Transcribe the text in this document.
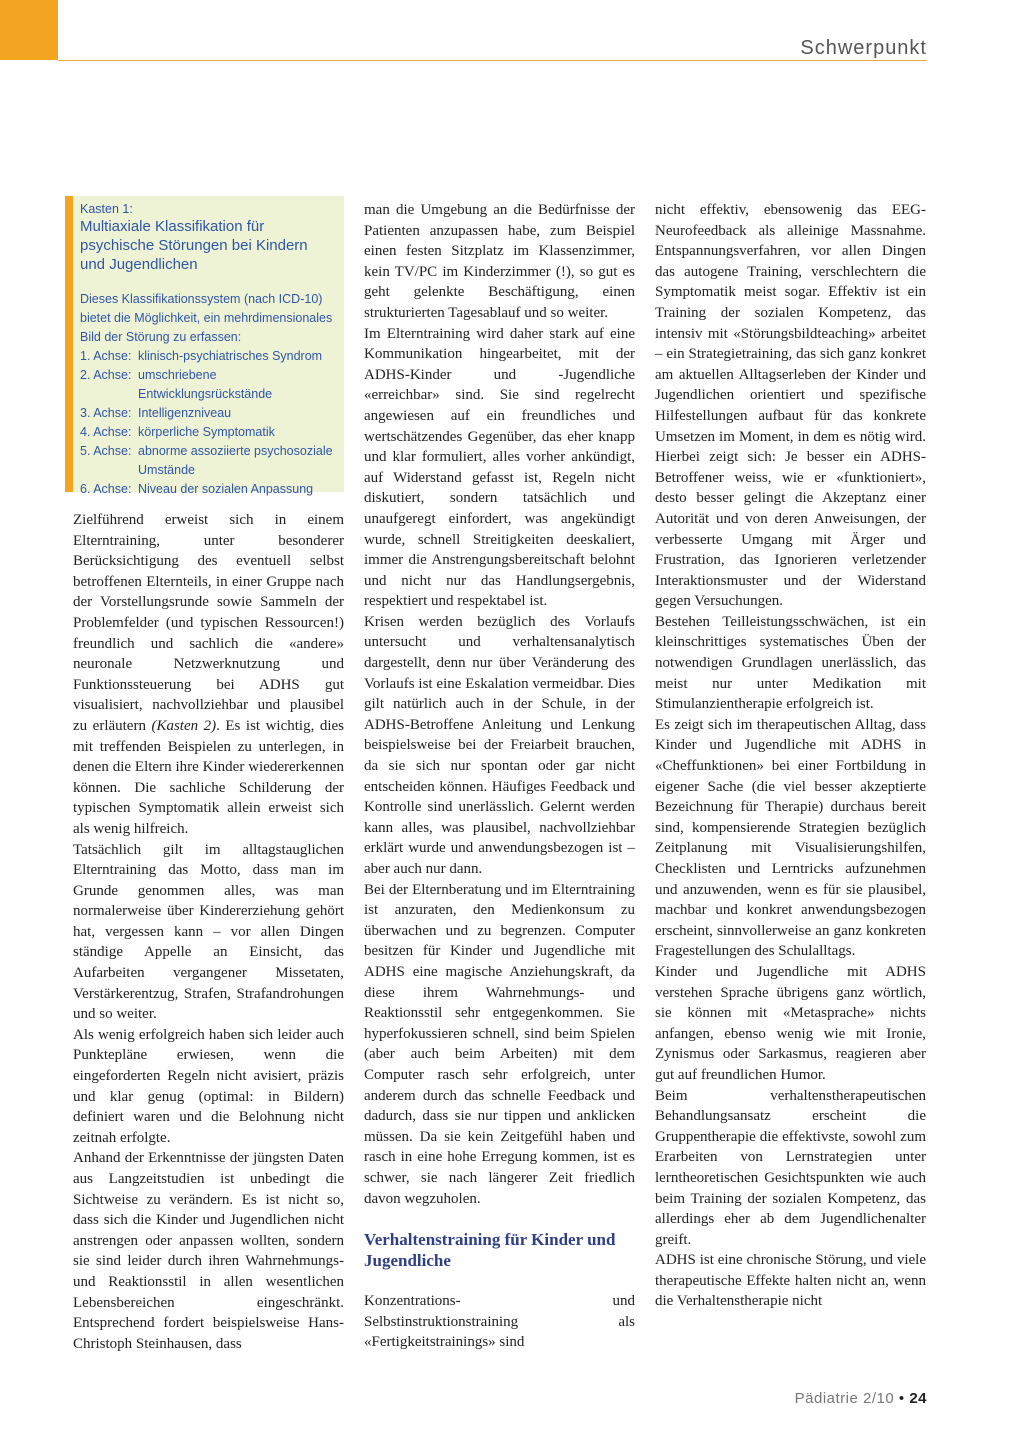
Schwerpunkt
Kasten 1:
Multiaxiale Klassifikation für psychische Störungen bei Kindern und Jugendlichen
Dieses Klassifikationssystem (nach ICD-10) bietet die Möglichkeit, ein mehrdimensionales Bild der Störung zu erfassen:
1. Achse: klinisch-psychiatrisches Syndrom
2. Achse: umschriebene Entwicklungsrückstände
3. Achse: Intelligenzniveau
4. Achse: körperliche Symptomatik
5. Achse: abnorme assoziierte psychosoziale Umstände
6. Achse: Niveau der sozialen Anpassung

Zielführend erweist sich in einem Elterntraining, unter besonderer Berücksichtigung des eventuell selbst betroffenen Elternteils, in einer Gruppe nach der Vorstellungsrunde sowie Sammeln der Problemfelder (und typischen Ressourcen!) freundlich und sachlich die «andere» neuronale Netzwerknutzung und Funktionssteuerung bei ADHS gut visualisiert, nachvollziehbar und plausibel zu erläutern (Kasten 2). Es ist wichtig, dies mit treffenden Beispielen zu unterlegen, in denen die Eltern ihre Kinder wiedererkennen können. Die sachliche Schilderung der typischen Symptomatik allein erweist sich als wenig hilfreich.

Tatsächlich gilt im alltagstauglichen Elterntraining das Motto, dass man im Grunde genommen alles, was man normalerweise über Kindererziehung gehört hat, vergessen kann – vor allen Dingen ständige Appelle an Einsicht, das Aufarbeiten vergangener Missetaten, Verstärkerentzug, Strafen, Strafandrohungen und so weiter.

Als wenig erfolgreich haben sich leider auch Punktepläne erwiesen, wenn die eingeforderten Regeln nicht avisiert, präzis und klar genug (optimal: in Bildern) definiert waren und die Belohnung nicht zeitnah erfolgte.

Anhand der Erkenntnisse der jüngsten Daten aus Langzeitstudien ist unbedingt die Sichtweise zu verändern. Es ist nicht so, dass sich die Kinder und Jugendlichen nicht anstrengen oder anpassen wollten, sondern sie sind leider durch ihren Wahrnehmungs- und Reaktionsstil in allen wesentlichen Lebensbereichen eingeschränkt. Entsprechend fordert beispielsweise Hans-Christoph Steinhausen, dass

man die Umgebung an die Bedürfnisse der Patienten anzupassen habe, zum Beispiel einen festen Sitzplatz im Klassenzimmer, kein TV/PC im Kinderzimmer (!), so gut es geht gelenkte Beschäftigung, einen strukturierten Tagesablauf und so weiter.

Im Elterntraining wird daher stark auf eine Kommunikation hingearbeitet, mit der ADHS-Kinder und -Jugendliche «erreichbar» sind. Sie sind regelrecht angewiesen auf ein freundliches und wertschätzendes Gegenüber, das eher knapp und klar formuliert, alles vorher ankündigt, auf Widerstand gefasst ist, Regeln nicht diskutiert, sondern tatsächlich und unaufgeregt einfordert, was angekündigt wurde, schnell Streitigkeiten deeskaliert, immer die Anstrengungsbereitschaft belohnt und nicht nur das Handlungsergebnis, respektiert und respektabel ist.

Krisen werden bezüglich des Vorlaufs untersucht und verhaltensanalytisch dargestellt, denn nur über Veränderung des Vorlaufs ist eine Eskalation vermeidbar. Dies gilt natürlich auch in der Schule, in der ADHS-Betroffene Anleitung und Lenkung beispielsweise bei der Freiarbeit brauchen, da sie sich nur spontan oder gar nicht entscheiden können. Häufiges Feedback und Kontrolle sind unerlässlich. Gelernt werden kann alles, was plausibel, nachvollziehbar erklärt wurde und anwendungsbezogen ist – aber auch nur dann.

Bei der Elternberatung und im Elterntraining ist anzuraten, den Medienkonsum zu überwachen und zu begrenzen. Computer besitzen für Kinder und Jugendliche mit ADHS eine magische Anziehungskraft, da diese ihrem Wahrnehmungs- und Reaktionsstil sehr entgegenkommen. Sie hyperfokussieren schnell, sind beim Spielen (aber auch beim Arbeiten) mit dem Computer rasch sehr erfolgreich, unter anderem durch das schnelle Feedback und dadurch, dass sie nur tippen und anklicken müssen. Da sie kein Zeitgefühl haben und rasch in eine hohe Erregung kommen, ist es schwer, sie nach längerer Zeit friedlich davon wegzuholen.

Verhaltenstraining für Kinder und Jugendliche

Konzentrations- und Selbstinstruktionstraining als «Fertigkeitstrainings» sind

nicht effektiv, ebensowenig das EEG-Neurofeedback als alleinige Massnahme. Entspannungsverfahren, vor allen Dingen das autogene Training, verschlechtern die Symptomatik meist sogar. Effektiv ist ein Training der sozialen Kompetenz, das intensiv mit «Störungsbildteaching» arbeitet – ein Strategietraining, das sich ganz konkret am aktuellen Alltagserleben der Kinder und Jugendlichen orientiert und spezifische Hilfestellungen aufbaut für das konkrete Umsetzen im Moment, in dem es nötig wird. Hierbei zeigt sich: Je besser ein ADHS-Betroffener weiss, wie er «funktioniert», desto besser gelingt die Akzeptanz einer Autorität und von deren Anweisungen, der verbesserte Umgang mit Ärger und Frustration, das Ignorieren verletzender Interaktionsmuster und der Widerstand gegen Versuchungen.

Bestehen Teilleistungsschwächen, ist ein kleinschrittiges systematisches Üben der notwendigen Grundlagen unerlässlich, das meist nur unter Medikation mit Stimulanzientherapie erfolgreich ist.

Es zeigt sich im therapeutischen Alltag, dass Kinder und Jugendliche mit ADHS in «Cheffunktionen» bei einer Fortbildung in eigener Sache (die viel besser akzeptierte Bezeichnung für Therapie) durchaus bereit sind, kompensierende Strategien bezüglich Zeitplanung mit Visualisierungshilfen, Checklisten und Lerntricks aufzunehmen und anzuwenden, wenn es für sie plausibel, machbar und konkret anwendungsbezogen erscheint, sinnvollerweise an ganz konkreten Fragestellungen des Schulalltags.

Kinder und Jugendliche mit ADHS verstehen Sprache übrigens ganz wörtlich, sie können mit «Metasprache» nichts anfangen, ebenso wenig wie mit Ironie, Zynismus oder Sarkasmus, reagieren aber gut auf freundlichen Humor.

Beim verhaltenstherapeutischen Behandlungsansatz erscheint die Gruppentherapie die effektivste, sowohl zum Erarbeiten von Lernstrategien unter lerntheoretischen Gesichtspunkten wie auch beim Training der sozialen Kompetenz, das allerdings eher ab dem Jugendlichenalter greift.

ADHS ist eine chronische Störung, und viele therapeutische Effekte halten nicht an, wenn die Verhaltenstherapie nicht

Pädiatrie 2/10 • 24
